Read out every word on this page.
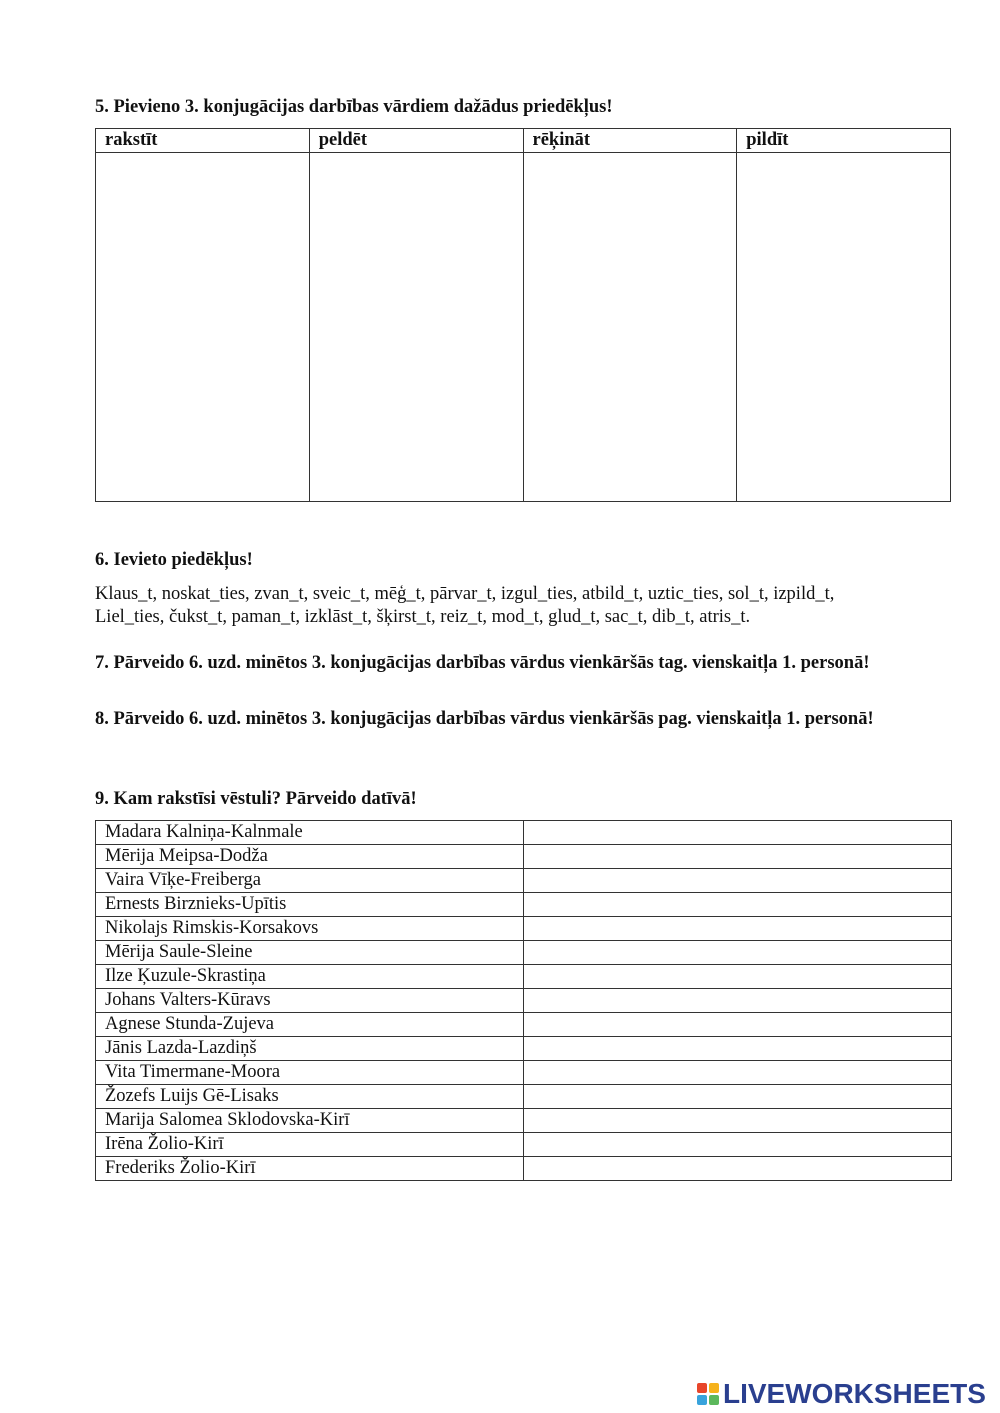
5. Pievieno 3. konjugācijas darbības vārdiem dažādus priedēkļus!
rakstīt	peldēt	rēķināt	pildīt

6. Ievieto piedēkļus!
Klaus_t, noskat_ties, zvan_t, sveic_t, mēģ_t, pārvar_t, izgul_ties, atbild_t, uztic_ties, sol_t, izpild_t,
Liel_ties, čukst_t, paman_t, izklāst_t, šķirst_t, reiz_t, mod_t, glud_t, sac_t, dib_t, atris_t.
7. Pārveido 6. uzd. minētos 3. konjugācijas darbības vārdus vienkāršās tag. vienskaitļa 1. personā!
8. Pārveido 6. uzd. minētos 3. konjugācijas darbības vārdus vienkāršās pag. vienskaitļa 1. personā!
9. Kam rakstīsi vēstuli? Pārveido datīvā!
Madara Kalniņa-Kalnmale	
Mērija Meipsa-Dodža	
Vaira Vīķe-Freiberga	
Ernests Birznieks-Upītis	
Nikolajs Rimskis-Korsakovs	
Mērija Saule-Sleine	
Ilze Ķuzule-Skrastiņa	
Johans Valters-Kūravs	
Agnese Stunda-Zujeva	
Jānis Lazda-Lazdiņš	
Vita Timermane-Moora	
Žozefs Luijs Gē-Lisaks	
Marija Salomea Sklodovska-Kirī	
Irēna Žolio-Kirī	
Frederiks Žolio-Kirī	
LIVEWORKSHEETS
